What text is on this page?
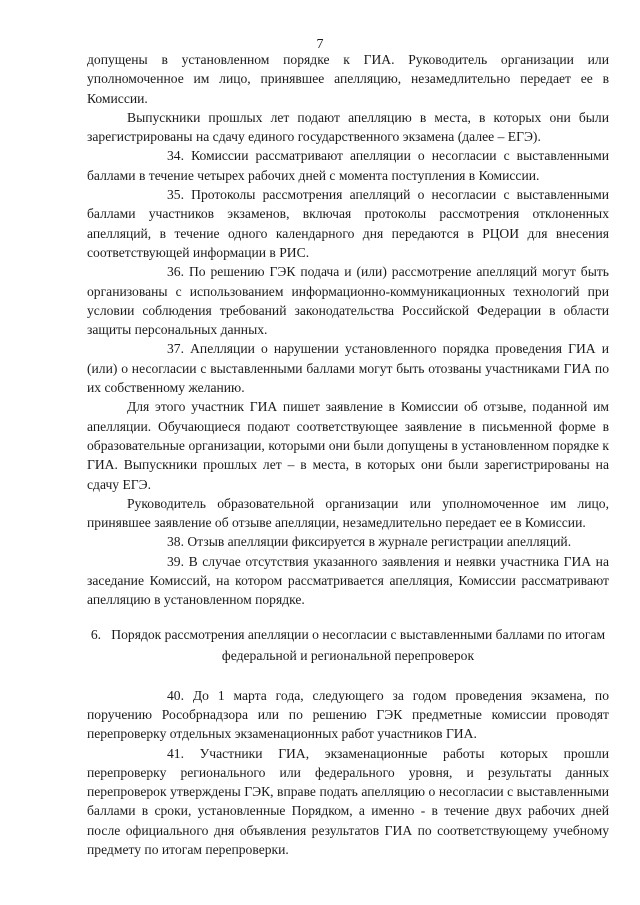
7

допущены в установленном порядке к ГИА. Руководитель организации или уполномоченное им лицо, принявшее апелляцию, незамедлительно передает ее в Комиссии.

Выпускники прошлых лет подают апелляцию в места, в которых они были зарегистрированы на сдачу единого государственного экзамена (далее – ЕГЭ).

34. Комиссии рассматривают апелляции о несогласии с выставленными баллами в течение четырех рабочих дней с момента поступления в Комиссии.

35. Протоколы рассмотрения апелляций о несогласии с выставленными баллами участников экзаменов, включая протоколы рассмотрения отклоненных апелляций, в течение одного календарного дня передаются в РЦОИ для внесения соответствующей информации в РИС.

36. По решению ГЭК подача и (или) рассмотрение апелляций могут быть организованы с использованием информационно-коммуникационных технологий при условии соблюдения требований законодательства Российской Федерации в области защиты персональных данных.

37. Апелляции о нарушении установленного порядка проведения ГИА и (или) о несогласии с выставленными баллами могут быть отозваны участниками ГИА по их собственному желанию.

Для этого участник ГИА пишет заявление в Комиссии об отзыве, поданной им апелляции. Обучающиеся подают соответствующее заявление в письменной форме в образовательные организации, которыми они были допущены в установленном порядке к ГИА. Выпускники прошлых лет – в места, в которых они были зарегистрированы на сдачу ЕГЭ.

Руководитель образовательной организации или уполномоченное им лицо, принявшее заявление об отзыве апелляции, незамедлительно передает ее в Комиссии.

38. Отзыв апелляции фиксируется в журнале регистрации апелляций.

39. В случае отсутствия указанного заявления и неявки участника ГИА на заседание Комиссий, на котором рассматривается апелляция, Комиссии рассматривают апелляцию в установленном порядке.

6. Порядок рассмотрения апелляции о несогласии с выставленными баллами по итогам федеральной и региональной перепроверок

40. До 1 марта года, следующего за годом проведения экзамена, по поручению Рособрнадзора или по решению ГЭК предметные комиссии проводят перепроверку отдельных экзаменационных работ участников ГИА.

41. Участники ГИА, экзаменационные работы которых прошли перепроверку регионального или федерального уровня, и результаты данных перепроверок утверждены ГЭК, вправе подать апелляцию о несогласии с выставленными баллами в сроки, установленные Порядком, а именно - в течение двух рабочих дней после официального дня объявления результатов ГИА по соответствующему учебному предмету по итогам перепроверки.
